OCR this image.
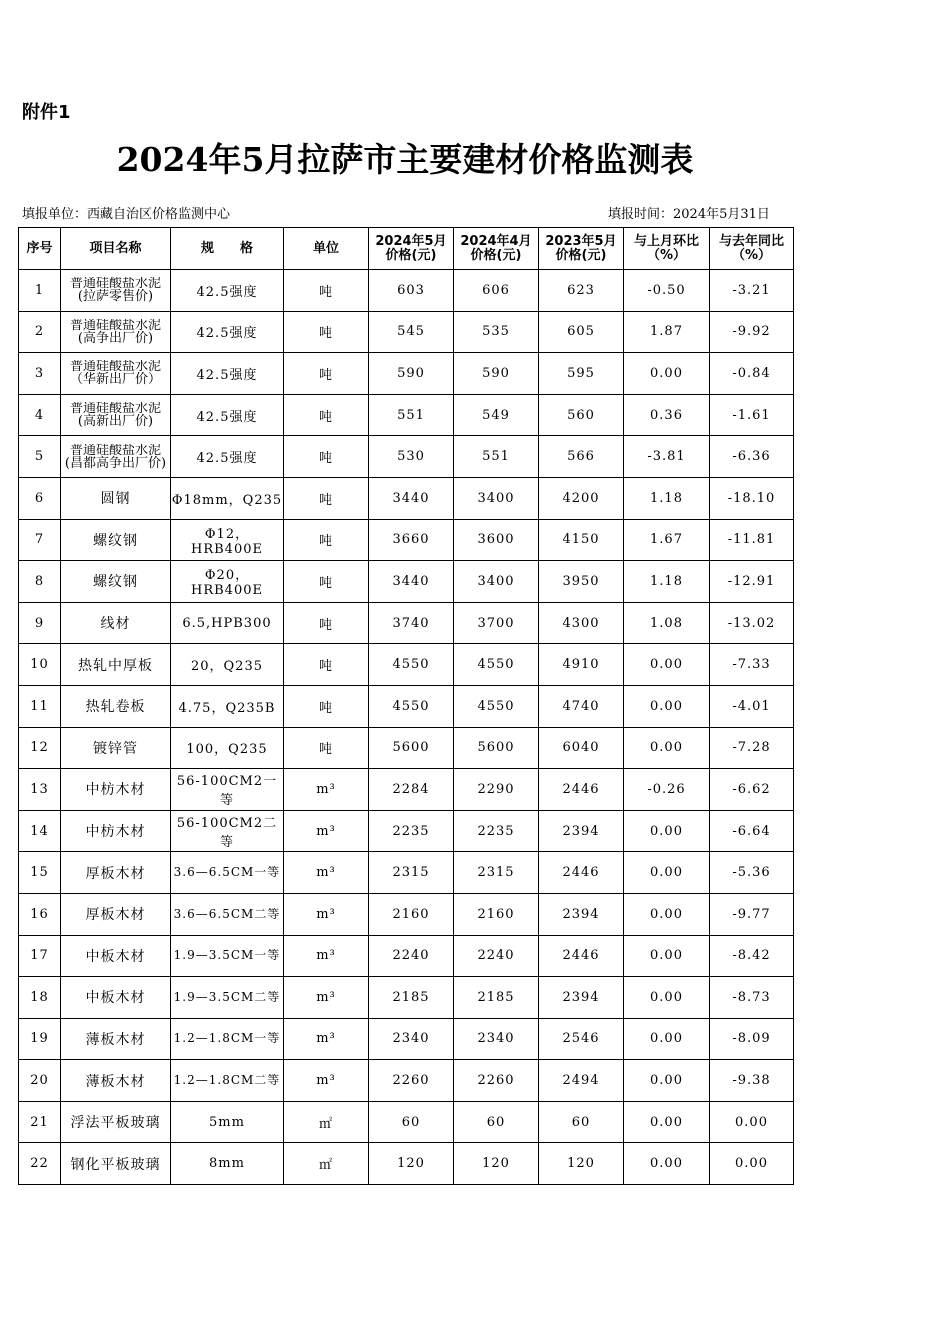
附件1
2024年5月拉萨市主要建材价格监测表
填报单位：西藏自治区价格监测中心	填报时间：2024年5月31日
序号	项目名称	规　　格	单位	2024年5月价格(元)	2024年4月价格(元)	2023年5月价格(元)	与上月环比（%）	与去年同比（%）

1	普通硅酸盐水泥(拉萨零售价)	42.5强度	吨	603	606	623	-0.50	-3.21

2	普通硅酸盐水泥(高争出厂价)	42.5强度	吨	545	535	605	1.87	-9.92

3	普通硅酸盐水泥（华新出厂价）	42.5强度	吨	590	590	595	0.00	-0.84

4	普通硅酸盐水泥(高新出厂价)	42.5强度	吨	551	549	560	0.36	-1.61

5	普通硅酸盐水泥(昌都高争出厂价)	42.5强度	吨	530	551	566	-3.81	-6.36

6	圆钢	Φ18mm，Q235	吨	3440	3400	4200	1.18	-18.10

7	螺纹钢	Φ12，HRB400E	吨	3660	3600	4150	1.67	-11.81

8	螺纹钢	Φ20，HRB400E	吨	3440	3400	3950	1.18	-12.91

9	线材	6.5,HPB300	吨	3740	3700	4300	1.08	-13.02

10	热轧中厚板	20，Q235	吨	4550	4550	4910	0.00	-7.33

11	热轧卷板	4.75，Q235B	吨	4550	4550	4740	0.00	-4.01

12	镀锌管	100，Q235	吨	5600	5600	6040	0.00	-7.28

13	中枋木材	56-100CM2一等	m³	2284	2290	2446	-0.26	-6.62

14	中枋木材	56-100CM2二等	m³	2235	2235	2394	0.00	-6.64

15	厚板木材	3.6—6.5CM一等	m³	2315	2315	2446	0.00	-5.36

16	厚板木材	3.6—6.5CM二等	m³	2160	2160	2394	0.00	-9.77

17	中板木材	1.9—3.5CM一等	m³	2240	2240	2446	0.00	-8.42

18	中板木材	1.9—3.5CM二等	m³	2185	2185	2394	0.00	-8.73

19	薄板木材	1.2—1.8CM一等	m³	2340	2340	2546	0.00	-8.09

20	薄板木材	1.2—1.8CM二等	m³	2260	2260	2494	0.00	-9.38

21	浮法平板玻璃	5mm	㎡	60	60	60	0.00	0.00

22	钢化平板玻璃	8mm	㎡	120	120	120	0.00	0.00
